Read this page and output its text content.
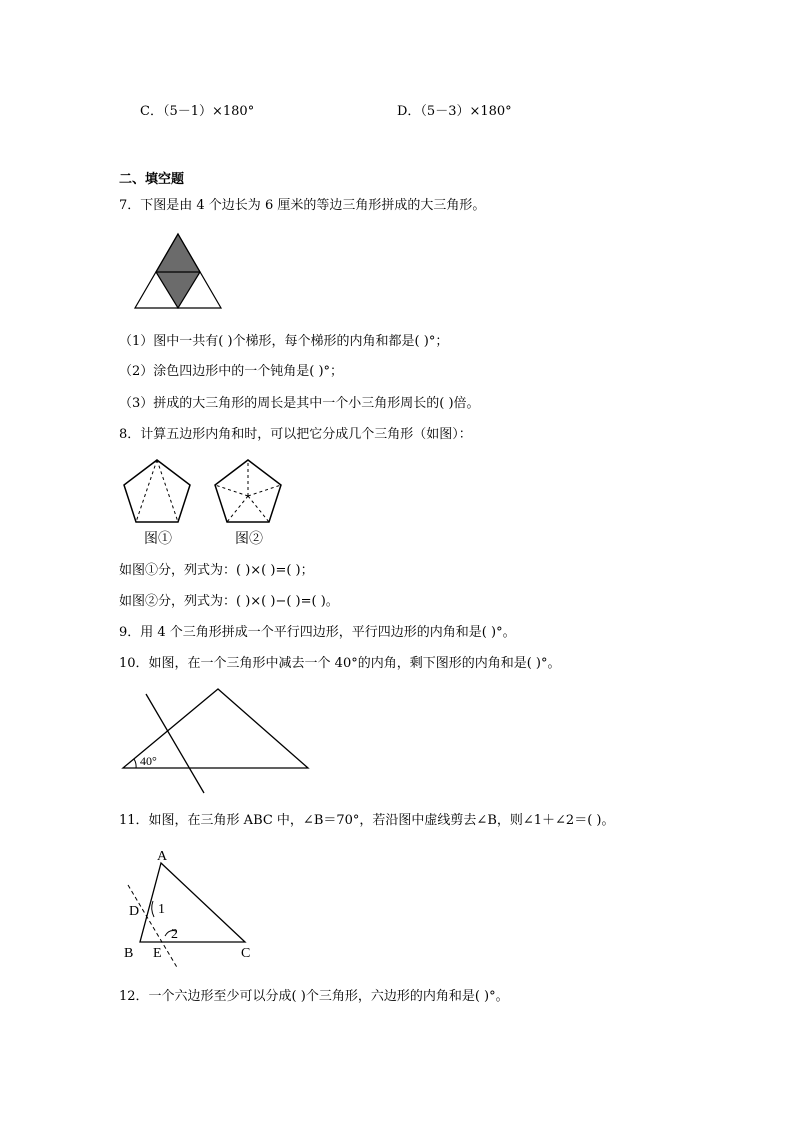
C．（5－1）×180°	D．（5－3）×180°
二、填空题
7．下图是由 4 个边长为 6 厘米的等边三角形拼成的大三角形。
（1）图中一共有( )个梯形，每个梯形的内角和都是( )°；
（2）涂色四边形中的一个钝角是( )°；
（3）拼成的大三角形的周长是其中一个小三角形周长的( )倍。
8．计算五边形内角和时，可以把它分成几个三角形（如图）：
图①	图②
如图①分，列式为：( )×( )=( )；
如图②分，列式为：( )×( )−( )=( )。
9．用 4 个三角形拼成一个平行四边形，平行四边形的内角和是( )°。
10．如图，在一个三角形中减去一个 40°的内角，剩下图形的内角和是( )°。
40°
11．如图，在三角形 ABC 中，∠B＝70°，若沿图中虚线剪去∠B，则∠1＋∠2＝( )。
A
B	C
D
E
1
2
12．一个六边形至少可以分成( )个三角形，六边形的内角和是( )°。
